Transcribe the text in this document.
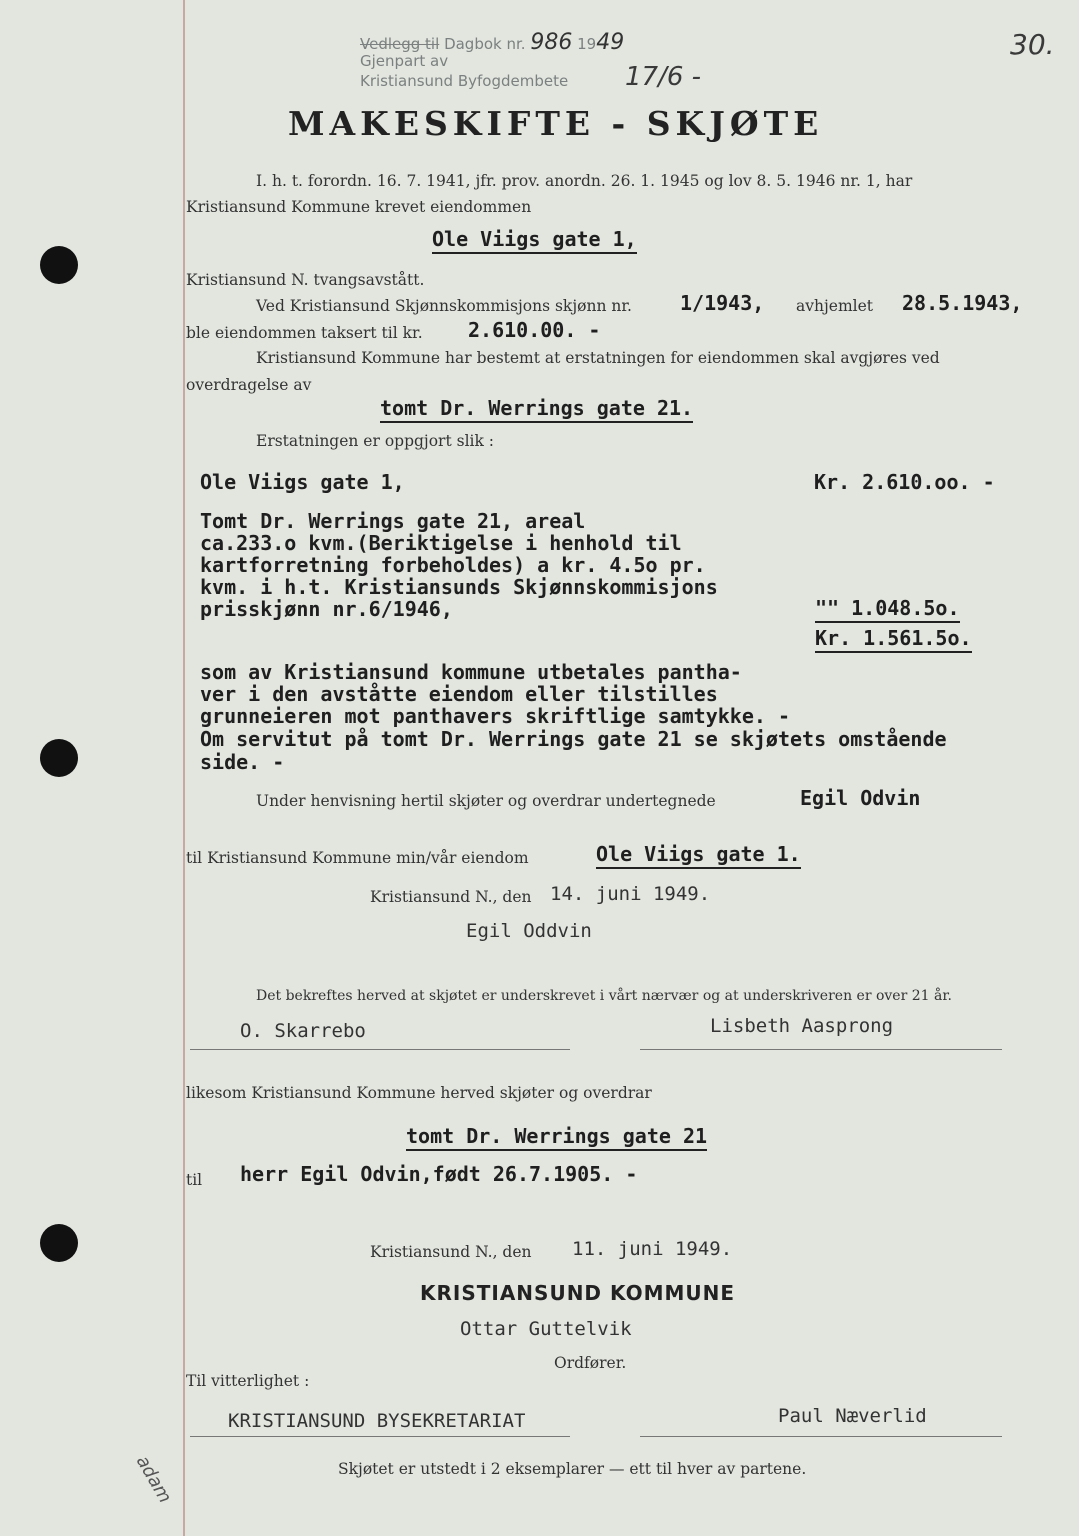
Vedlegg til Dagbok nr. 986 1949
Gjenpart av
Kristiansund Byfogdembete 17/6 -
30.
MAKESKIFTE - SKJØTE
I. h. t. forordn. 16. 7. 1941, jfr. prov. anordn. 26. 1. 1945 og lov 8. 5. 1946 nr. 1, har
Kristiansund Kommune krevet eiendommen
Ole Viigs gate 1,
Kristiansund N. tvangsavstått.
Ved Kristiansund Skjønnskommisjons skjønn nr. 1/1943, avhjemlet 28.5.1943,
ble eiendommen taksert til kr. 2.610.00. -
Kristiansund Kommune har bestemt at erstatningen for eiendommen skal avgjøres ved
overdragelse av
tomt Dr. Werrings gate 21.
Erstatningen er oppgjort slik :
Ole Viigs gate 1,	Kr. 2.610.oo. -
Tomt Dr. Werrings gate 21, areal
ca.233.o kvm.(Beriktigelse i henhold til
kartforretning forbeholdes) a kr. 4.5o pr.
kvm. i h.t. Kristiansunds Skjønnskommisjons
prisskjønn nr.6/1946,	"" 1.048.5o.
Kr. 1.561.5o.
som av Kristiansund kommune utbetales pantha-
ver i den avståtte eiendom eller tilstilles
grunneieren mot panthavers skriftlige samtykke. -
Om servitut på tomt Dr. Werrings gate 21 se skjøtets omstående
side. -
Under henvisning hertil skjøter og overdrar undertegnede	Egil Odvin
til Kristiansund Kommune min/vår eiendom	Ole Viigs gate 1.
Kristiansund N., den 14. juni 1949.
Egil Oddvin
Det bekreftes herved at skjøtet er underskrevet i vårt nærvær og at underskriveren er over 21 år.
O. Skarrebo	Lisbeth Aasprong
likesom Kristiansund Kommune herved skjøter og overdrar
tomt Dr. Werrings gate 21
til herr Egil Odvin,født 26.7.1905. -
Kristiansund N., den 11. juni 1949.
KRISTIANSUND KOMMUNE
Ottar Guttelvik
Ordfører.
Til vitterlighet :
KRISTIANSUND BYSEKRETARIAT	Paul Næverlid
Skjøtet er utstedt i 2 eksemplarer — ett til hver av partene.
adam
